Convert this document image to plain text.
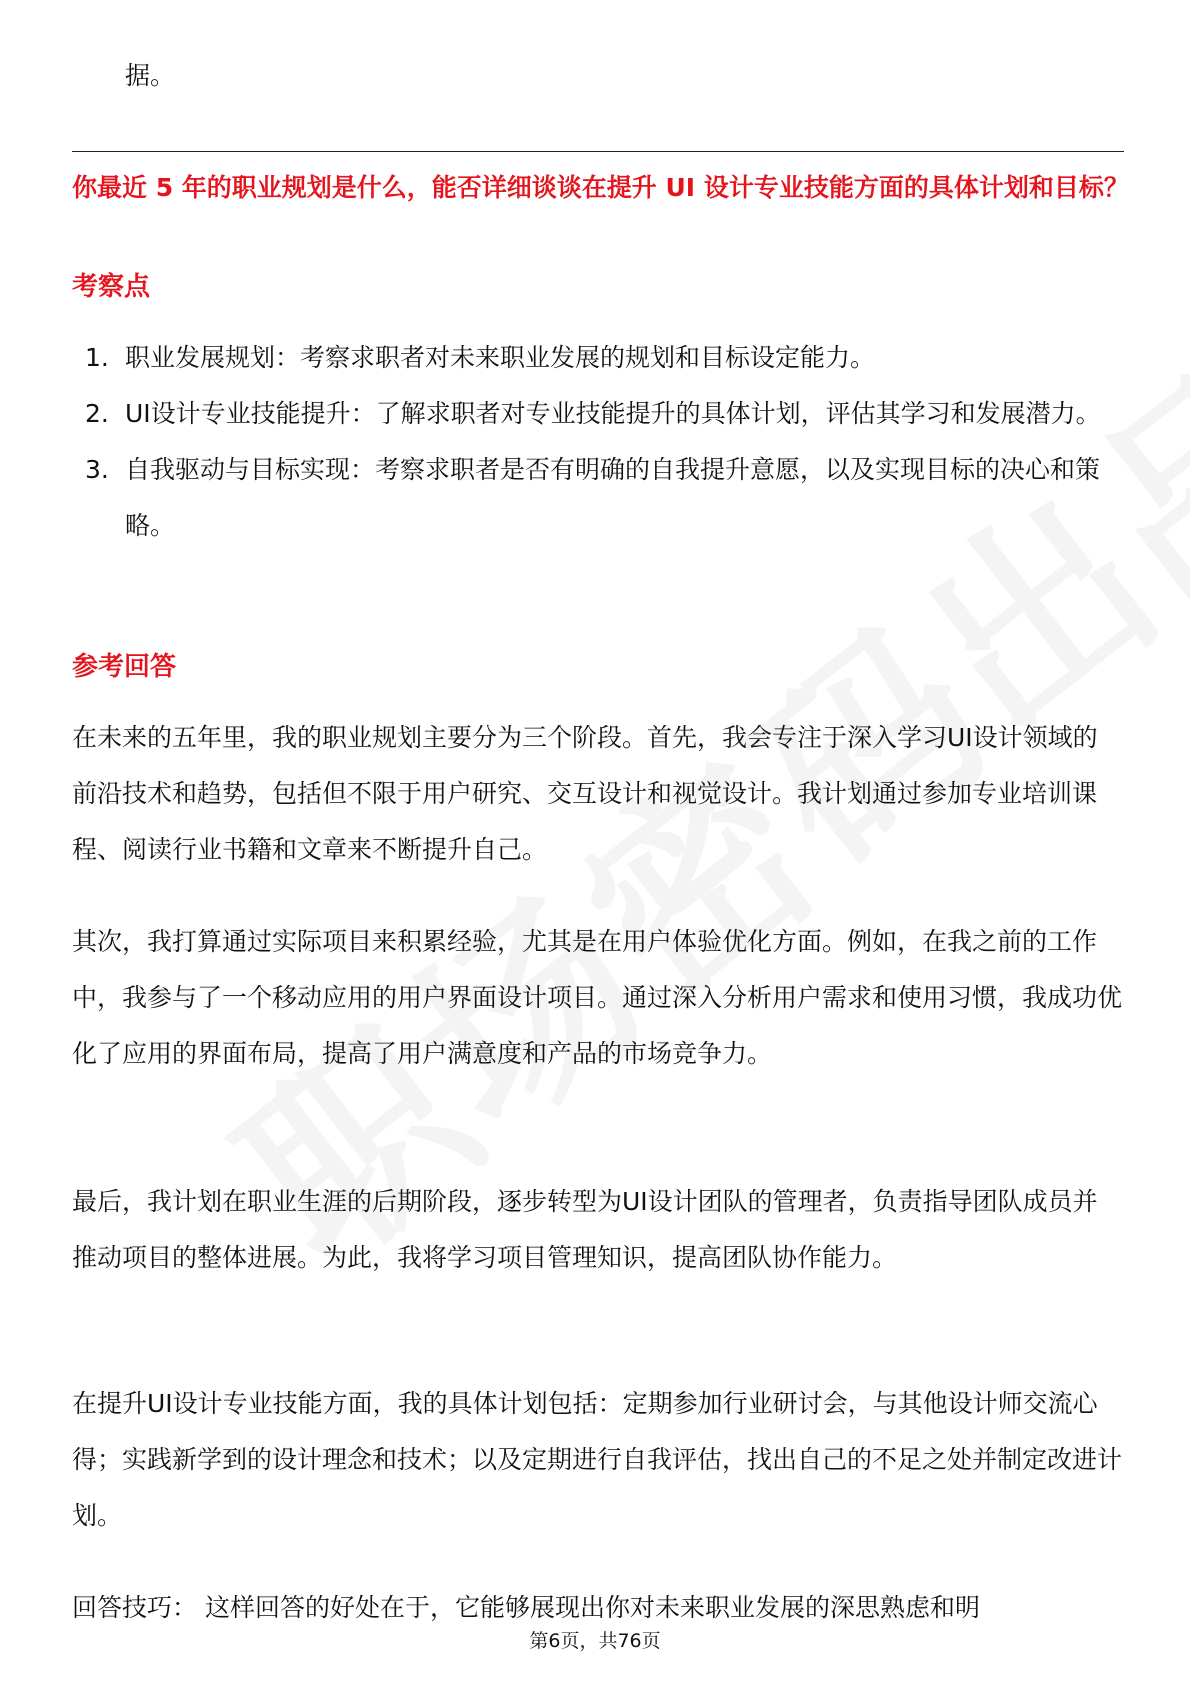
据。
你最近 5 年的职业规划是什么，能否详细谈谈在提升 UI 设计专业技能方面的具体计划和目标？
考察点
1. 职业发展规划：考察求职者对未来职业发展的规划和目标设定能力。
2. UI设计专业技能提升：了解求职者对专业技能提升的具体计划，评估其学习和发展潜力。
3. 自我驱动与目标实现：考察求职者是否有明确的自我提升意愿，以及实现目标的决心和策略。
参考回答
在未来的五年里，我的职业规划主要分为三个阶段。首先，我会专注于深入学习UI设计领域的前沿技术和趋势，包括但不限于用户研究、交互设计和视觉设计。我计划通过参加专业培训课程、阅读行业书籍和文章来不断提升自己。
其次，我打算通过实际项目来积累经验，尤其是在用户体验优化方面。例如，在我之前的工作中，我参与了一个移动应用的用户界面设计项目。通过深入分析用户需求和使用习惯，我成功优化了应用的界面布局，提高了用户满意度和产品的市场竞争力。
最后，我计划在职业生涯的后期阶段，逐步转型为UI设计团队的管理者，负责指导团队成员并推动项目的整体进展。为此，我将学习项目管理知识，提高团队协作能力。
在提升UI设计专业技能方面，我的具体计划包括：定期参加行业研讨会，与其他设计师交流心得；实践新学到的设计理念和技术；以及定期进行自我评估，找出自己的不足之处并制定改进计划。
回答技巧： 这样回答的好处在于，它能够展现出你对未来职业发展的深思熟虑和明
第6页，共76页
